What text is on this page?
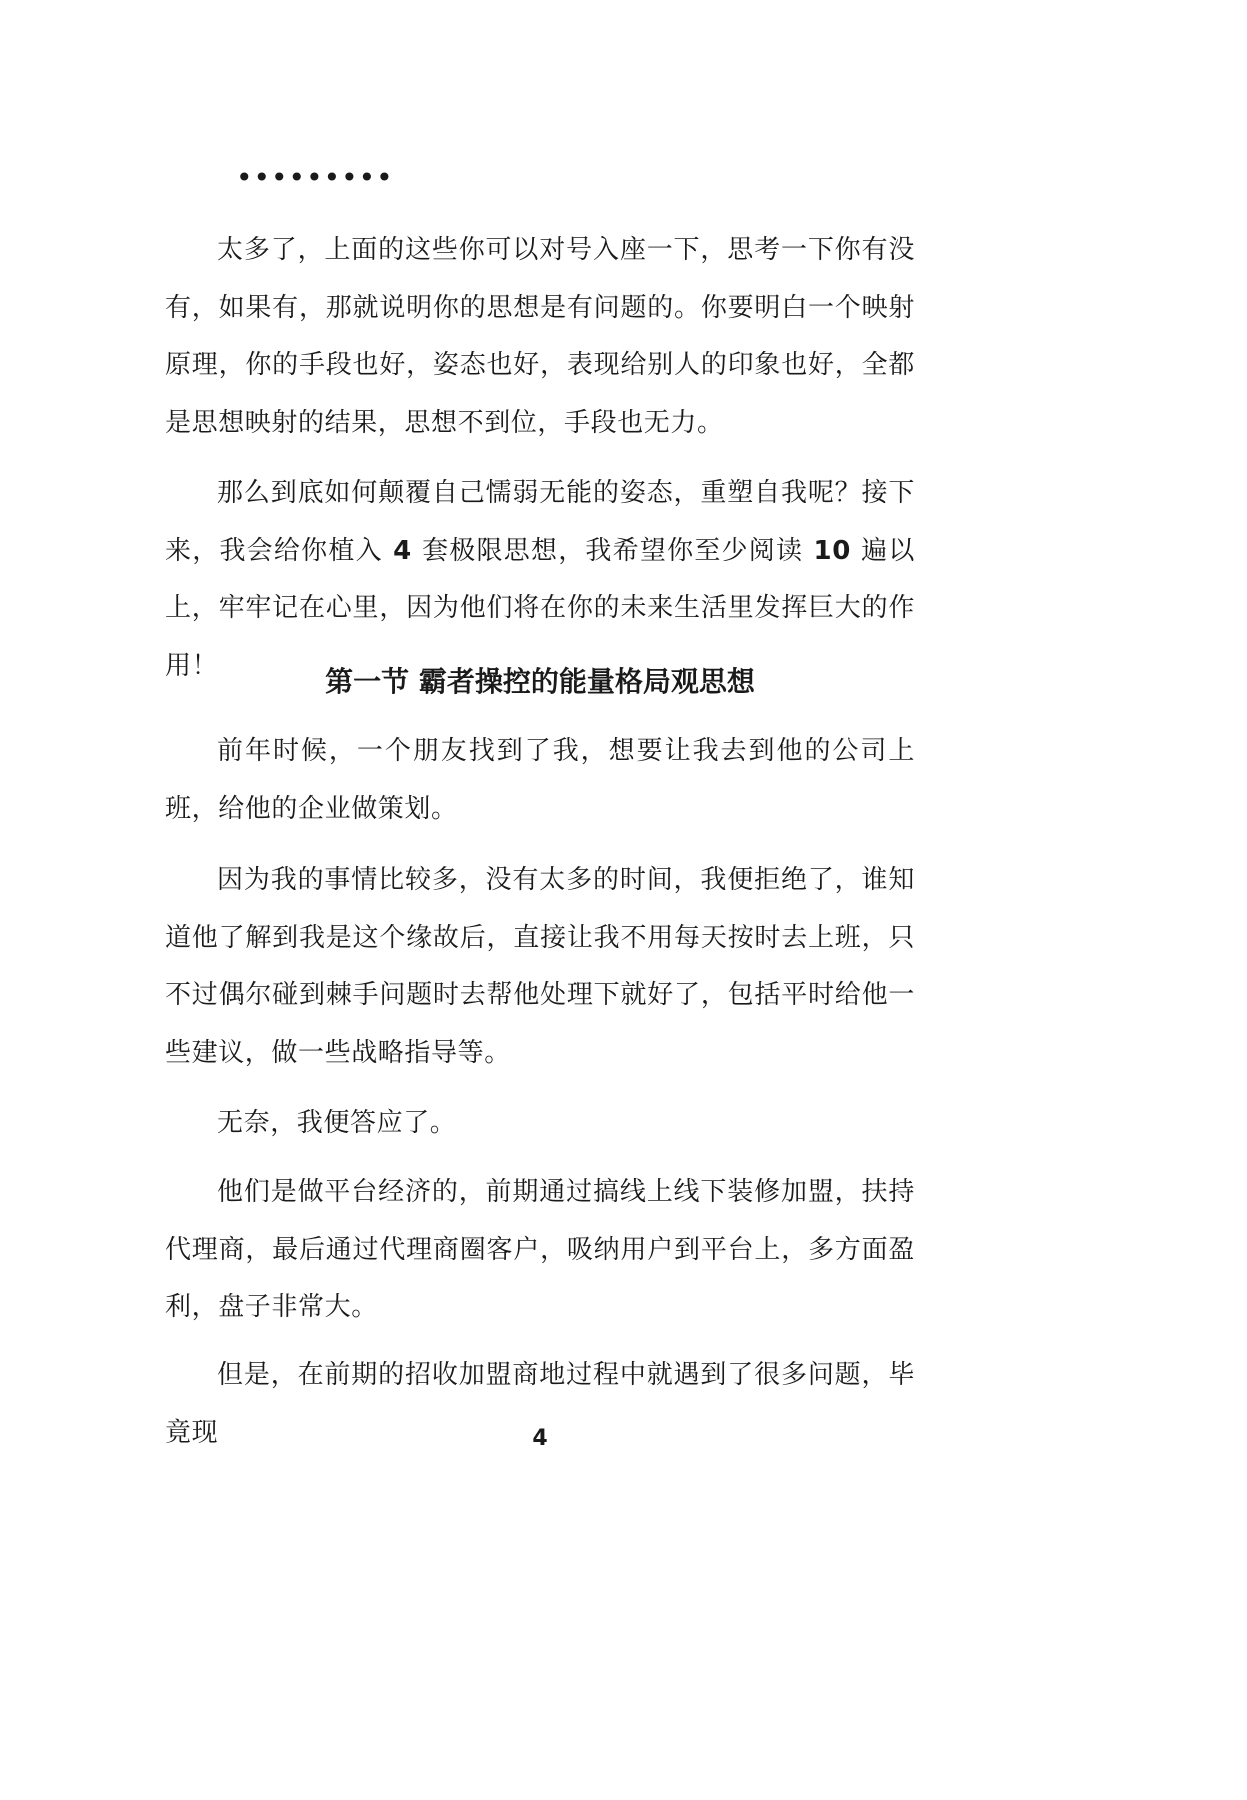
•••••••••

太多了，上面的这些你可以对号入座一下，思考一下你有没有，如果有，那就说明你的思想是有问题的。你要明白一个映射原理，你的手段也好，姿态也好，表现给别人的印象也好，全都是思想映射的结果，思想不到位，手段也无力。

那么到底如何颠覆自己懦弱无能的姿态，重塑自我呢？接下来，我会给你植入 4 套极限思想，我希望你至少阅读 10 遍以上，牢牢记在心里，因为他们将在你的未来生活里发挥巨大的作用！	第一节 霸者操控的能量格局观思想

前年时候，一个朋友找到了我，想要让我去到他的公司上班，给他的企业做策划。

因为我的事情比较多，没有太多的时间，我便拒绝了，谁知道他了解到我是这个缘故后，直接让我不用每天按时去上班，只不过偶尔碰到棘手问题时去帮他处理下就好了，包括平时给他一些建议，做一些战略指导等。

无奈，我便答应了。

他们是做平台经济的，前期通过搞线上线下装修加盟，扶持代理商，最后通过代理商圈客户，吸纳用户到平台上，多方面盈利，盘子非常大。

但是，在前期的招收加盟商地过程中就遇到了很多问题，毕竟现	4
